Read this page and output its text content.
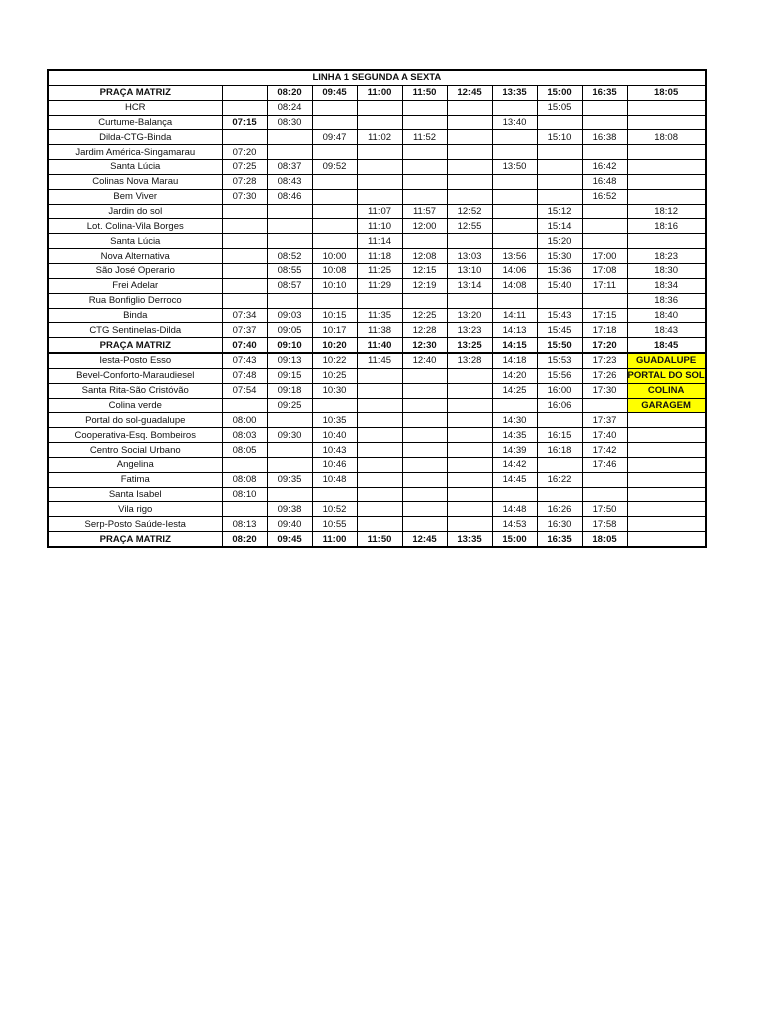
LINHA 1 SEGUNDA A SEXTA										
PRAÇA MATRIZ		08:20	09:45	11:00	11:50	12:45	13:35	15:00	16:35	18:05
HCR		08:24						15:05		
Curtume-Balança	07:15	08:30					13:40			
Dilda-CTG-Binda			09:47	11:02	11:52			15:10	16:38	18:08
Jardim América-Singamarau	07:20									
Santa Lúcia	07:25	08:37	09:52				13:50		16:42	
Colinas Nova Marau	07:28	08:43							16:48	
Bem Viver	07:30	08:46							16:52	
Jardin do sol				11:07	11:57	12:52		15:12		18:12
Lot. Colina-Vila Borges				11:10	12:00	12:55		15:14		18:16
Santa Lúcia				11:14				15:20		
Nova Alternativa		08:52	10:00	11:18	12:08	13:03	13:56	15:30	17:00	18:23
São José Operario		08:55	10:08	11:25	12:15	13:10	14:06	15:36	17:08	18:30
Frei Adelar		08:57	10:10	11:29	12:19	13:14	14:08	15:40	17:11	18:34
Rua Bonfiglio Derroco										18:36
Binda	07:34	09:03	10:15	11:35	12:25	13:20	14:11	15:43	17:15	18:40
CTG Sentinelas-Dilda	07:37	09:05	10:17	11:38	12:28	13:23	14:13	15:45	17:18	18:43
PRAÇA MATRIZ	07:40	09:10	10:20	11:40	12:30	13:25	14:15	15:50	17:20	18:45
Iesta-Posto Esso	07:43	09:13	10:22	11:45	12:40	13:28	14:18	15:53	17:23	GUADALUPE
Bevel-Conforto-Maraudiesel	07:48	09:15	10:25				14:20	15:56	17:26	PORTAL DO SOL
Santa Rita-São Cristóvão	07:54	09:18	10:30				14:25	16:00	17:30	COLINA
Colina verde		09:25						16:06		GARAGEM
Portal do sol-guadalupe	08:00		10:35				14:30		17:37	
Cooperativa-Esq. Bombeiros	08:03	09:30	10:40				14:35	16:15	17:40	
Centro Social Urbano	08:05		10:43				14:39	16:18	17:42	
Angelina			10:46				14:42		17:46	
Fatima	08:08	09:35	10:48				14:45	16:22		
Santa Isabel	08:10									
Vila rigo		09:38	10:52				14:48	16:26	17:50	
Serp-Posto Saúde-Iesta	08:13	09:40	10:55				14:53	16:30	17:58	
PRAÇA MATRIZ	08:20	09:45	11:00	11:50	12:45	13:35	15:00	16:35	18:05	
